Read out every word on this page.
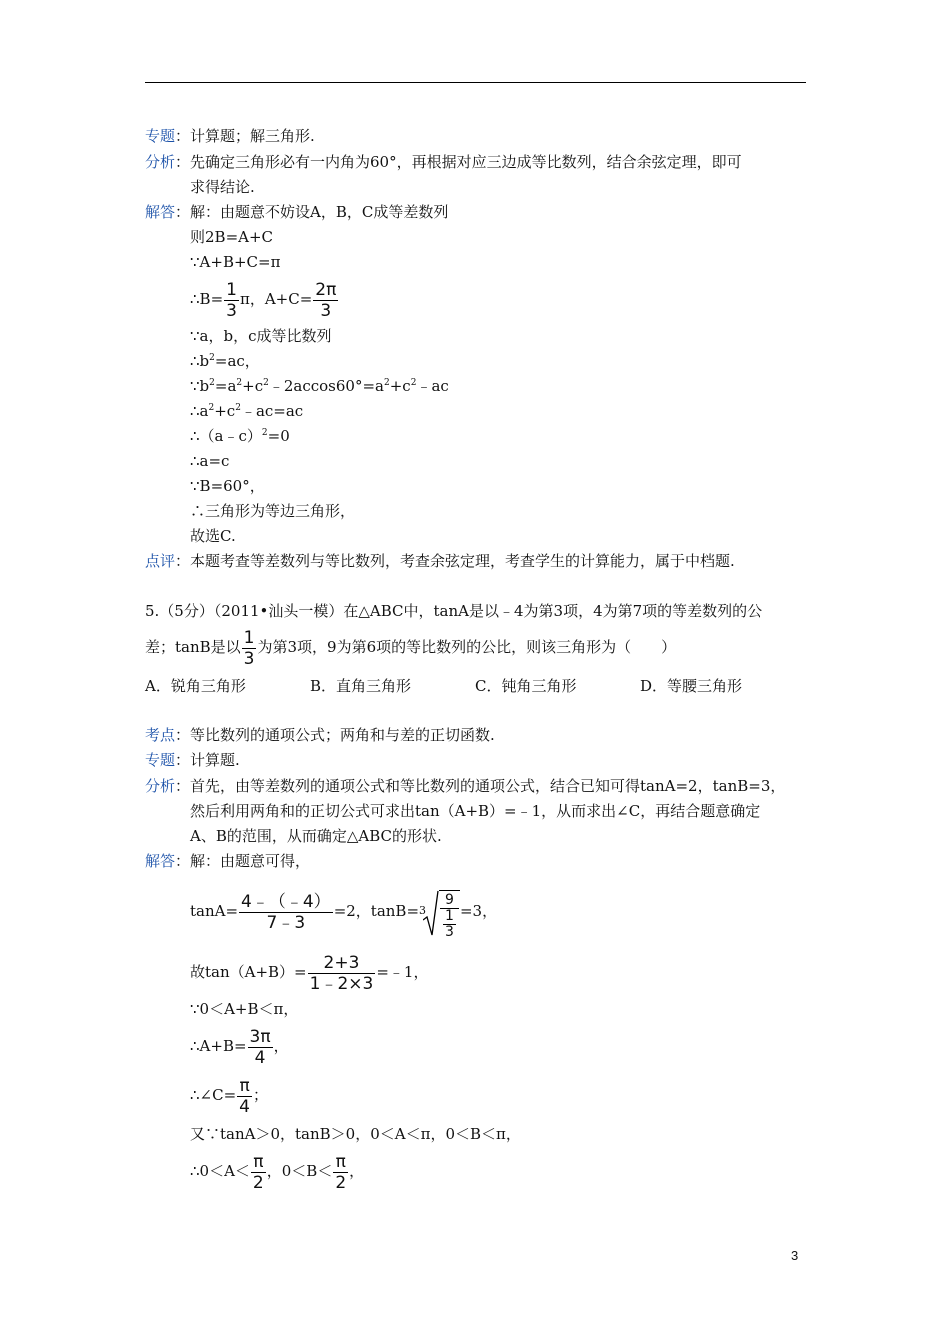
专题：计算题；解三角形.
分析：先确定三角形必有一内角为60°，再根据对应三边成等比数列，结合余弦定理，即可
求得结论.
解答：解：由题意不妨设A，B，C成等差数列
则2B=A+C
∵A+B+C=π
∴B= $\frac{1}{3}$ π，$A+C= \frac{2\pi}{3}$
∵a，b，c成等比数列
$\therefore b^2=ac$，
$\because b^2=a^2+c^2﹣2accos60^\circ=a^2+c^2﹣ac$
$\therefore a^2+c^2﹣ac=ac$
∴（a﹣c）$^2$=0
∴a=c
∵B=60°，
∴三角形为等边三角形，
故选C.
点评：本题考查等差数列与等比数列，考查余弦定理，考查学生的计算能力，属于中档题.
5.（5分）（2011•汕头一模）在△ABC中，tanA是以﹣4为第3项，4为第7项的等差数列的公
差；tanB是以 $\frac{1}{3}$ 为第3项，9为第6项的等比数列的公比，则该三角形为（　　）
A．锐角三角形	B．直角三角形	C．钝角三角形	D．等腰三角形
考点：等比数列的通项公式；两角和与差的正切函数.
专题：计算题.
分析：首先，由等差数列的通项公式和等比数列的通项公式，结合已知可得tanA=2，tanB=3，
然后利用两角和的正切公式可求出tan（A+B）=﹣1，从而求出∠C，再结合题意确定
A、B的范围，从而确定△ABC的形状.
解答：解：由题意可得，
$\tan A= \frac{4﹣(﹣4)}{7﹣3} =2$，$\tan B= 3 \frac{9}{\frac{1}{3}} =3$，
故$\tan(A+B)= \frac{2+3}{1﹣2\times 3}$ =﹣1，
∵0＜A+B＜π，
∴A+B= $\frac{3\pi}{4}$ ，
∴∠C= $\frac{\pi}{4}$ ；
又∵tanA＞0，tanB＞0，0＜A＜π，0＜B＜π，
∴0＜A＜ $\frac{\pi}{2}$ ，$0<B< \frac{\pi}{2}$ ，
3
